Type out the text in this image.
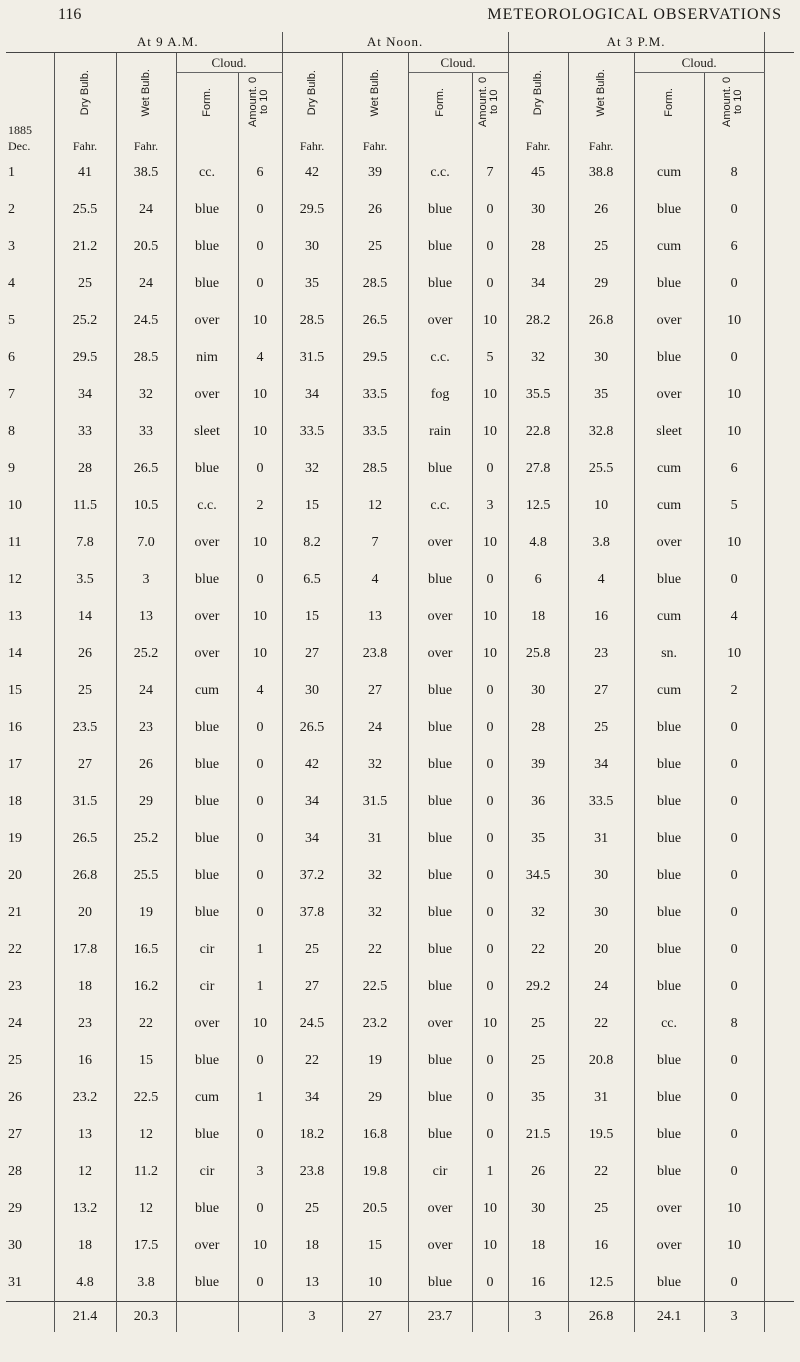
116	METEOROLOGICAL OBSERVATIONS
	At 9 A.M.				At Noon.				At 3 P.M.				
	Dry Bulb.	Wet Bulb.	Cloud.		Dry Bulb.	Wet Bulb.	Cloud.		Dry Bulb.	Wet Bulb.	Cloud.		
1885			Form.	Amount. 0 to 10			Form.	Amount. 0 to 10			Form.	Amount. 0 to 10	
Dec.	Fahr.	Fahr.			Fahr.	Fahr.			Fahr.	Fahr.			
1	41	38.5	cc.	6	42	39	c.c.	7	45	38.8	cum	8	
2	25.5	24	blue	0	29.5	26	blue	0	30	26	blue	0	
3	21.2	20.5	blue	0	30	25	blue	0	28	25	cum	6	
4	25	24	blue	0	35	28.5	blue	0	34	29	blue	0	
5	25.2	24.5	over	10	28.5	26.5	over	10	28.2	26.8	over	10	
6	29.5	28.5	nim	4	31.5	29.5	c.c.	5	32	30	blue	0	
7	34	32	over	10	34	33.5	fog	10	35.5	35	over	10	
8	33	33	sleet	10	33.5	33.5	rain	10	22.8	32.8	sleet	10	
9	28	26.5	blue	0	32	28.5	blue	0	27.8	25.5	cum	6	
10	11.5	10.5	c.c.	2	15	12	c.c.	3	12.5	10	cum	5	
11	7.8	7.0	over	10	8.2	7	over	10	4.8	3.8	over	10	
12	3.5	3	blue	0	6.5	4	blue	0	6	4	blue	0	
13	14	13	over	10	15	13	over	10	18	16	cum	4	
14	26	25.2	over	10	27	23.8	over	10	25.8	23	sn.	10	
15	25	24	cum	4	30	27	blue	0	30	27	cum	2	
16	23.5	23	blue	0	26.5	24	blue	0	28	25	blue	0	
17	27	26	blue	0	42	32	blue	0	39	34	blue	0	
18	31.5	29	blue	0	34	31.5	blue	0	36	33.5	blue	0	
19	26.5	25.2	blue	0	34	31	blue	0	35	31	blue	0	
20	26.8	25.5	blue	0	37.2	32	blue	0	34.5	30	blue	0	
21	20	19	blue	0	37.8	32	blue	0	32	30	blue	0	
22	17.8	16.5	cir	1	25	22	blue	0	22	20	blue	0	
23	18	16.2	cir	1	27	22.5	blue	0	29.2	24	blue	0	
24	23	22	over	10	24.5	23.2	over	10	25	22	cc.	8	
25	16	15	blue	0	22	19	blue	0	25	20.8	blue	0	
26	23.2	22.5	cum	1	34	29	blue	0	35	31	blue	0	
27	13	12	blue	0	18.2	16.8	blue	0	21.5	19.5	blue	0	
28	12	11.2	cir	3	23.8	19.8	cir	1	26	22	blue	0	
29	13.2	12	blue	0	25	20.5	over	10	30	25	over	10	
30	18	17.5	over	10	18	15	over	10	18	16	over	10	
31	4.8	3.8	blue	0	13	10	blue	0	16	12.5	blue	0	
	21.4	20.3			3	27	23.7		3	26.8	24.1	3	
